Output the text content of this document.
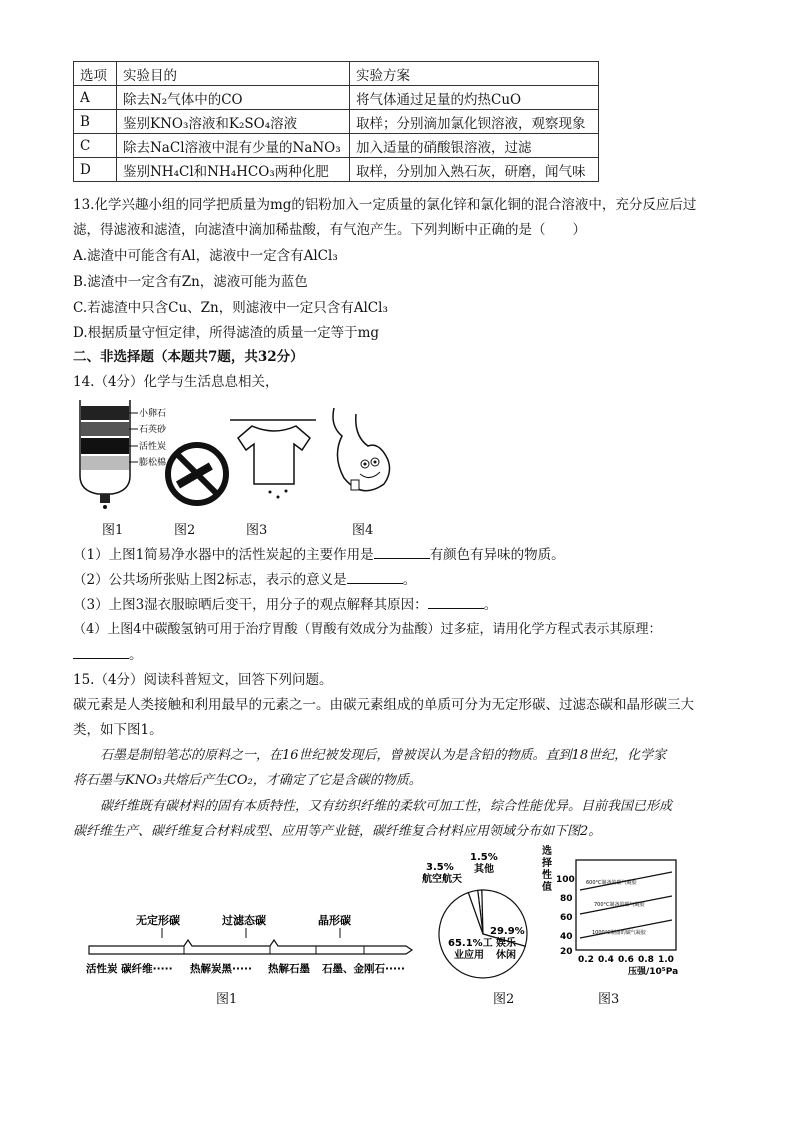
选项	实验目的	实验方案
A	除去N₂气体中的CO	将气体通过足量的灼热CuO
B	鉴别KNO₃溶液和K₂SO₄溶液	取样；分别滴加氯化钡溶液，观察现象
C	除去NaCl溶液中混有少量的NaNO₃	加入适量的硝酸银溶液，过滤
D	鉴别NH₄Cl和NH₄HCO₃两种化肥	取样，分别加入熟石灰，研磨，闻气味
13.化学兴趣小组的同学把质量为mg的铝粉加入一定质量的氯化锌和氯化铜的混合溶液中，充分反应后过
滤，得滤液和滤渣，向滤渣中滴加稀盐酸，有气泡产生。下列判断中正确的是（　　）
A.滤渣中可能含有Al，滤液中一定含有AlCl₃
B.滤渣中一定含有Zn，滤液可能为蓝色
C.若滤渣中只含Cu、Zn，则滤液中一定只含有AlCl₃
D.根据质量守恒定律，所得滤渣的质量一定等于mg
二、非选择题（本题共7题，共32分）
14.（4分）化学与生活息息相关，
小卵石
石英砂
活性炭
膨松棉
图1	图2	图3	图4
（1）上图1简易净水器中的活性炭起的主要作用是	有颜色有异味的物质。
（2）公共场所张贴上图2标志，表示的意义是	。
（3）上图3湿衣服晾晒后变干，用分子的观点解释其原因：	。
（4）上图4中碳酸氢钠可用于治疗胃酸（胃酸有效成分为盐酸）过多症，请用化学方程式表示其原理：
。
15.（4分）阅读科普短文，回答下列问题。
碳元素是人类接触和利用最早的元素之一。由碳元素组成的单质可分为无定形碳、过滤态碳和晶形碳三大
类，如下图1。
石墨是制铅笔芯的原料之一，在16世纪被发现后，曾被误认为是含铅的物质。直到18世纪，化学家
将石墨与KNO₃共熔后产生CO₂，才确定了它是含碳的物质。
碳纤维既有碳材料的固有本质特性，又有纺织纤维的柔软可加工性，综合性能优异。目前我国已形成
碳纤维生产、碳纤维复合材料成型、应用等产业链，碳纤维复合材料应用领域分布如下图2。
无定形碳	过滤态碳	晶形碳
活性炭 碳纤维····· 热解炭黑····· 热解石墨 石墨、金刚石·····
图1
1.5%
其他
3.5%
航空航天
29.9%
娱乐
休闲
65.1%工
业应用
图2
选
择
性
值
100
80
60
40
20
600°C制备的碳气凝胶
700°C制备的碳气凝胶
1000°C制备的碳气凝胶
0.2 0.4 0.6 0.8 1.0
压强/10⁵Pa
图3
